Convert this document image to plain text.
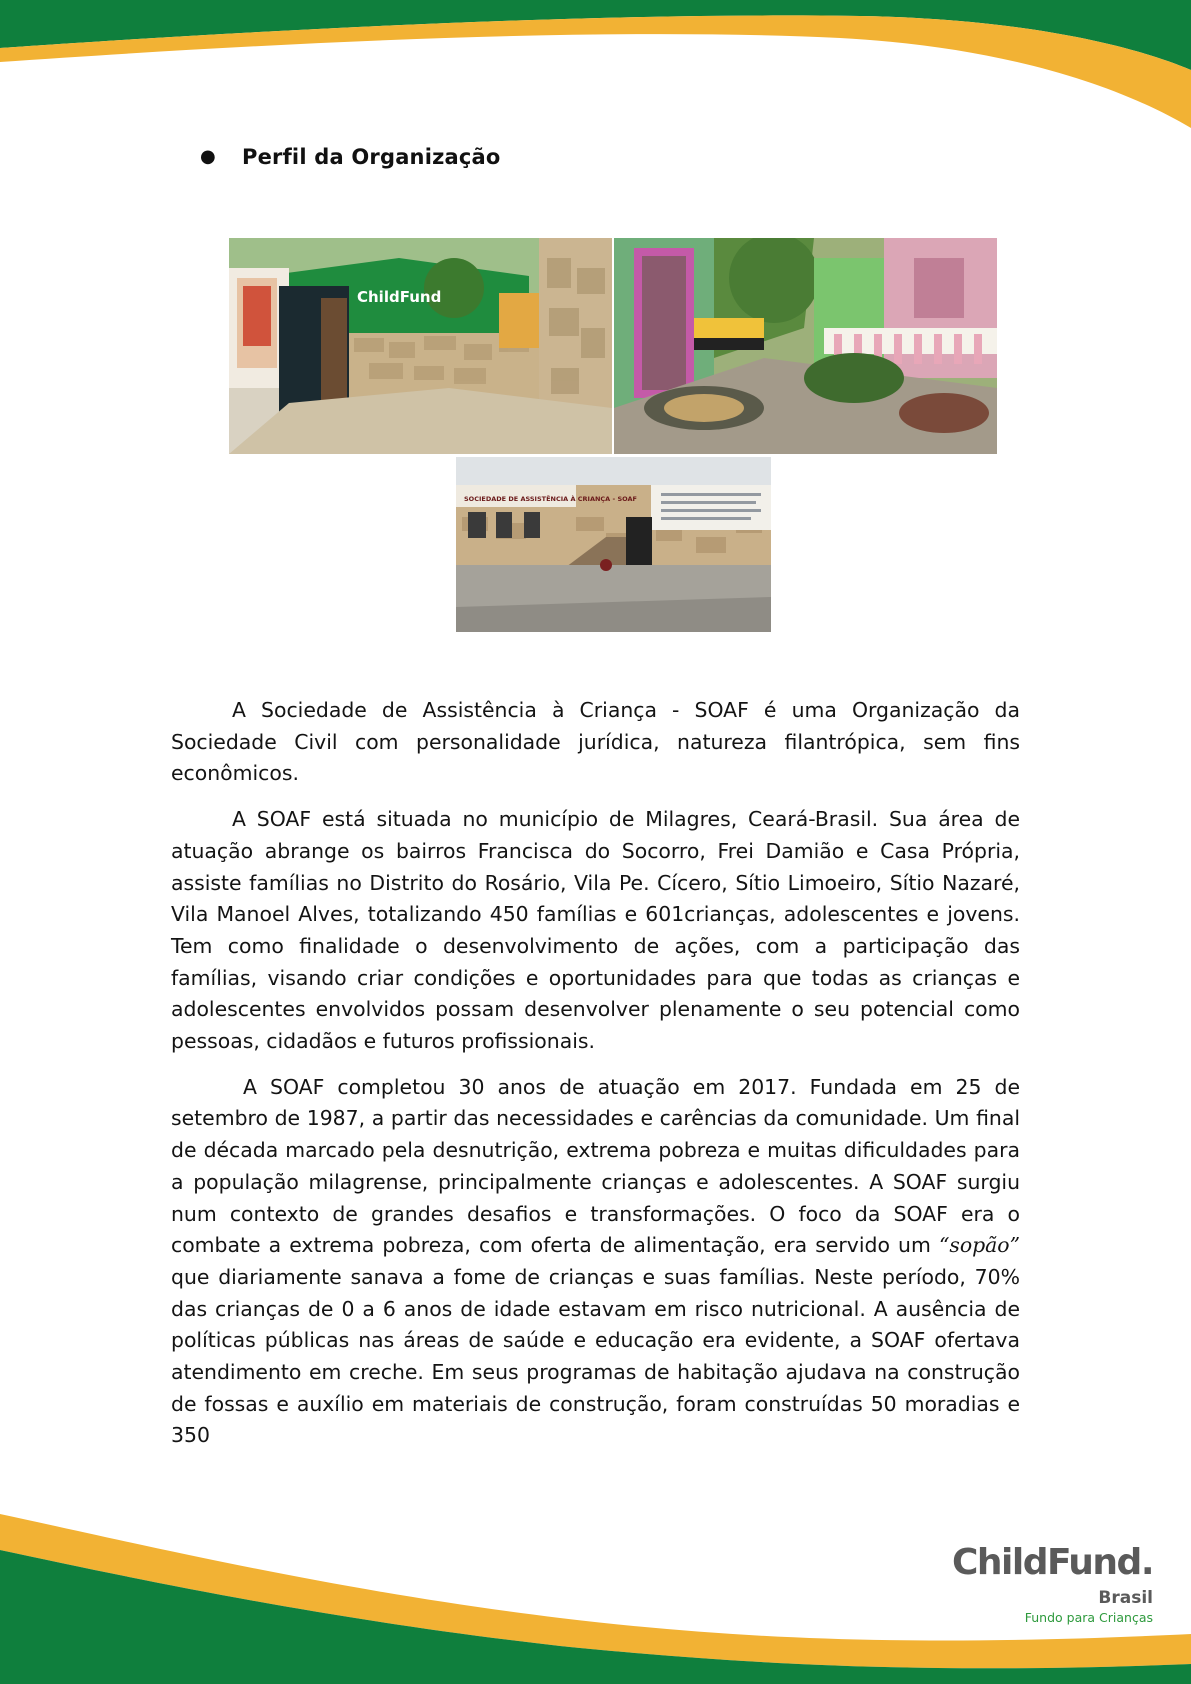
● Perfil da Organização
ChildFund
SOCIEDADE DE ASSISTÊNCIA À CRIANÇA - SOAF

A Sociedade de Assistência à Criança - SOAF é uma Organização da Sociedade Civil com personalidade jurídica, natureza filantrópica, sem fins econômicos.

A SOAF está situada no município de Milagres, Ceará-Brasil. Sua área de atuação abrange os bairros Francisca do Socorro, Frei Damião e Casa Própria, assiste famílias no Distrito do Rosário, Vila Pe. Cícero, Sítio Limoeiro, Sítio Nazaré, Vila Manoel Alves, totalizando 450 famílias e 601crianças, adolescentes e jovens. Tem como finalidade o desenvolvimento de ações, com a participação das famílias, visando criar condições e oportunidades para que todas as crianças e adolescentes envolvidos possam desenvolver plenamente o seu potencial como pessoas, cidadãos e futuros profissionais.

A SOAF completou 30 anos de atuação em 2017. Fundada em 25 de setembro de 1987, a partir das necessidades e carências da comunidade. Um final de década marcado pela desnutrição, extrema pobreza e muitas dificuldades para a população milagrense, principalmente crianças e adolescentes. A SOAF surgiu num contexto de grandes desafios e transformações. O foco da SOAF era o combate a extrema pobreza, com oferta de alimentação, era servido um “sopão” que diariamente sanava a fome de crianças e suas famílias. Neste período, 70% das crianças de 0 a 6 anos de idade estavam em risco nutricional. A ausência de políticas públicas nas áreas de saúde e educação era evidente, a SOAF ofertava atendimento em creche. Em seus programas de habitação ajudava na construção de fossas e auxílio em materiais de construção, foram construídas 50 moradias e 350

ChildFund.
Brasil
Fundo para Crianças
